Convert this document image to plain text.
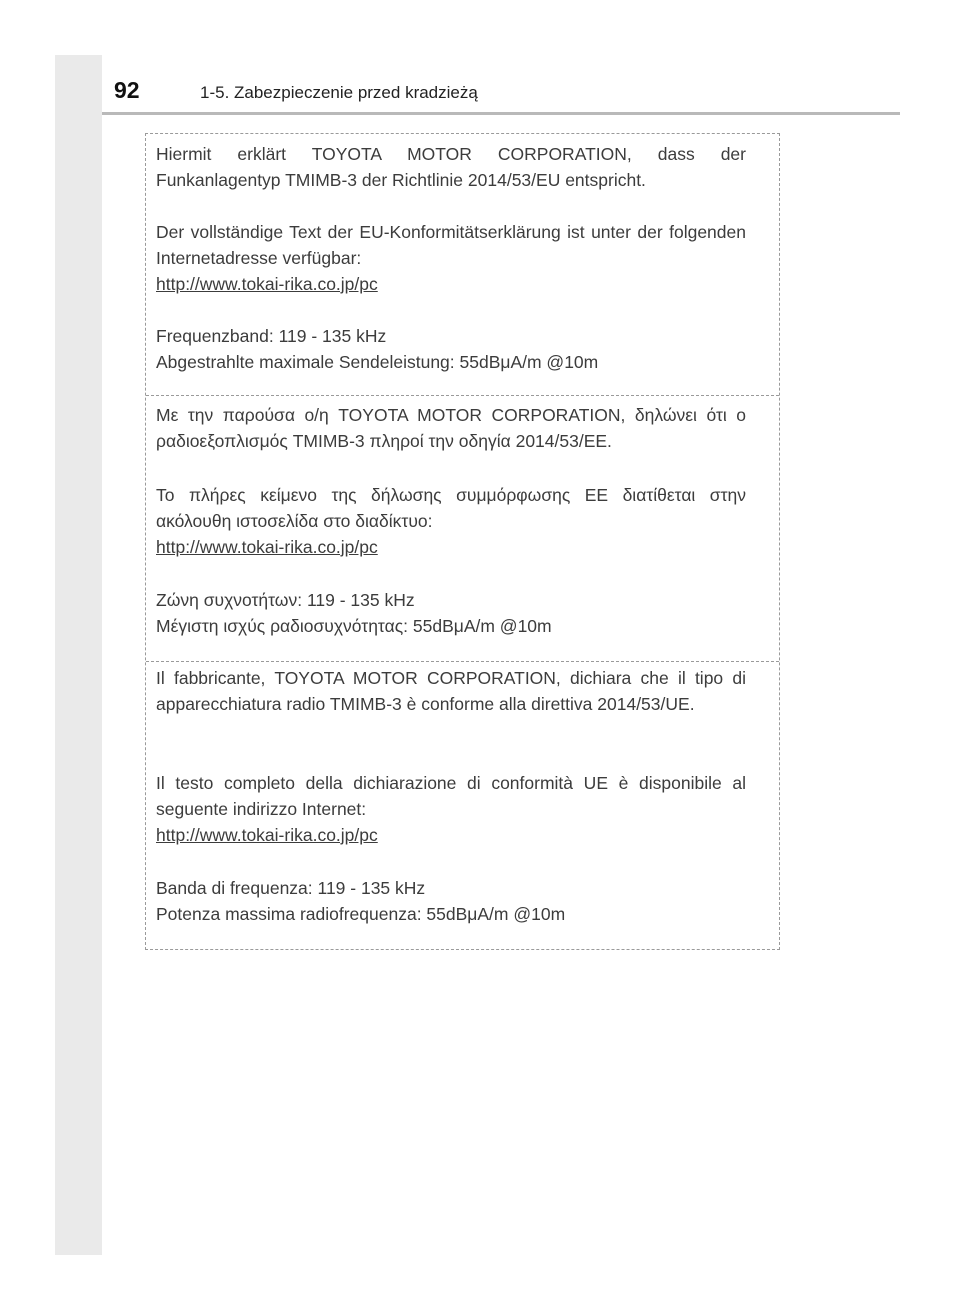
92	1-5. Zabezpieczenie przed kradzieżą
Hiermit erklärt TOYOTA MOTOR CORPORATION, dass der Funkanlagentyp TMIMB-3 der Richtlinie 2014/53/EU entspricht.
Der vollständige Text der EU-Konformitätserklärung ist unter der folgenden Internetadresse verfügbar:
http://www.tokai-rika.co.jp/pc
Frequenzband: 119 - 135 kHz
Abgestrahlte maximale Sendeleistung: 55dBμA/m @10m
Με την παρούσα ο/η TOYOTA MOTOR CORPORATION, δηλώνει ότι ο ραδιοεξοπλισμός TMIMB-3 πληροί την οδηγία 2014/53/ΕΕ.
Το πλήρες κείμενο της δήλωσης συμμόρφωσης ΕΕ διατίθεται στην ακόλουθη ιστοσελίδα στο διαδίκτυο:
http://www.tokai-rika.co.jp/pc
Ζώνη συχνοτήτων: 119 - 135 kHz
Μέγιστη ισχύς ραδιοσυχνότητας: 55dBμA/m @10m
Il fabbricante, TOYOTA MOTOR CORPORATION, dichiara che il tipo di apparecchiatura radio TMIMB-3 è conforme alla direttiva 2014/53/UE.
Il testo completo della dichiarazione di conformità UE è disponibile al seguente indirizzo Internet:
http://www.tokai-rika.co.jp/pc
Banda di frequenza: 119 - 135 kHz
Potenza massima radiofrequenza: 55dBμA/m @10m
